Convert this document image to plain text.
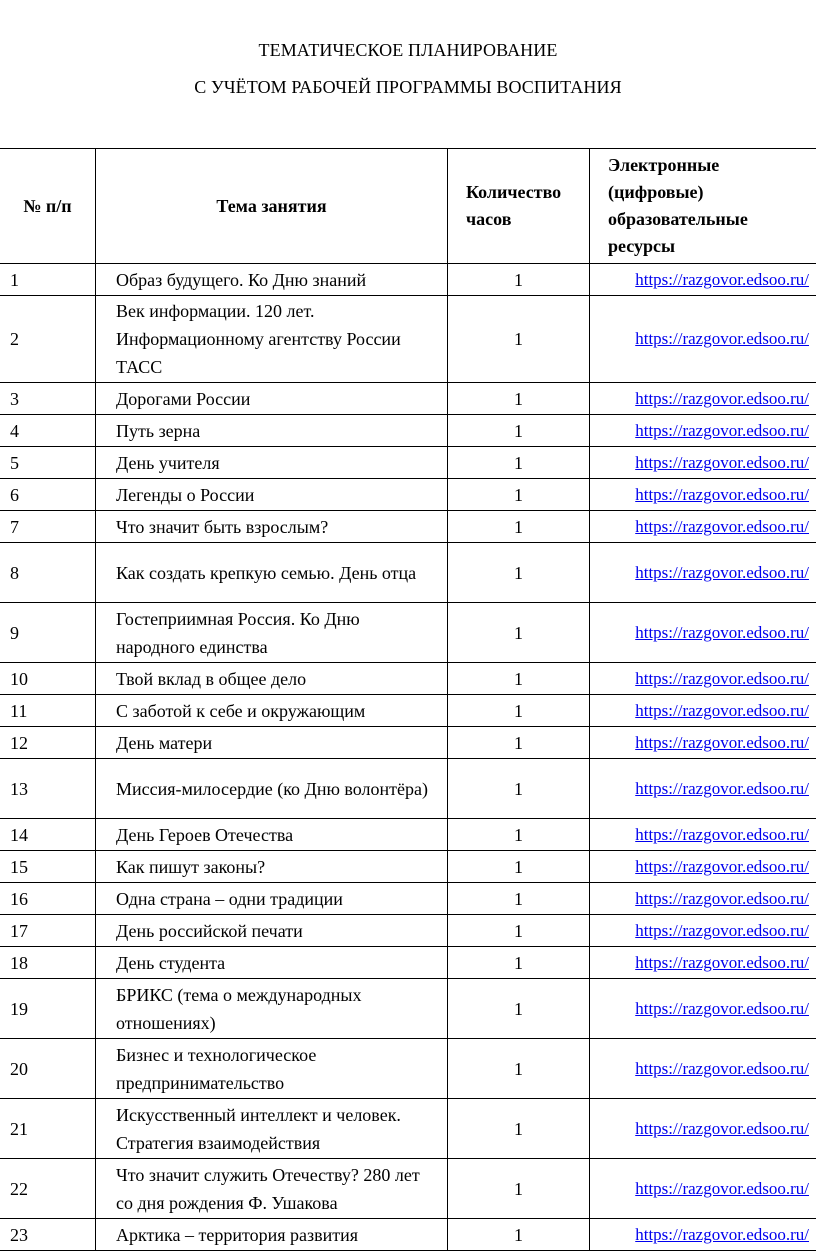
ТЕМАТИЧЕСКОЕ ПЛАНИРОВАНИЕ
С УЧЁТОМ РАБОЧЕЙ ПРОГРАММЫ ВОСПИТАНИЯ
№ п/п	Тема занятия	Количество часов	Электронные (цифровые) образовательные ресурсы
1	Образ будущего. Ко Дню знаний	1	https://razgovor.edsoo.ru/
2	Век информации. 120 лет. Информационному агентству России ТАСС	1	https://razgovor.edsoo.ru/
3	Дорогами России	1	https://razgovor.edsoo.ru/
4	Путь зерна	1	https://razgovor.edsoo.ru/
5	День учителя	1	https://razgovor.edsoo.ru/
6	Легенды о России	1	https://razgovor.edsoo.ru/
7	Что значит быть взрослым?	1	https://razgovor.edsoo.ru/
8	Как создать крепкую семью. День отца	1	https://razgovor.edsoo.ru/
9	Гостеприимная Россия. Ко Дню народного единства	1	https://razgovor.edsoo.ru/
10	Твой вклад в общее дело	1	https://razgovor.edsoo.ru/
11	С заботой к себе и окружающим	1	https://razgovor.edsoo.ru/
12	День матери	1	https://razgovor.edsoo.ru/
13	Миссия-милосердие (ко Дню волонтёра)	1	https://razgovor.edsoo.ru/
14	День Героев Отечества	1	https://razgovor.edsoo.ru/
15	Как пишут законы?	1	https://razgovor.edsoo.ru/
16	Одна страна – одни традиции	1	https://razgovor.edsoo.ru/
17	День российской печати	1	https://razgovor.edsoo.ru/
18	День студента	1	https://razgovor.edsoo.ru/
19	БРИКС (тема о международных отношениях)	1	https://razgovor.edsoo.ru/
20	Бизнес и технологическое предпринимательство	1	https://razgovor.edsoo.ru/
21	Искусственный интеллект и человек. Стратегия взаимодействия	1	https://razgovor.edsoo.ru/
22	Что значит служить Отечеству? 280 лет со дня рождения Ф. Ушакова	1	https://razgovor.edsoo.ru/
23	Арктика – территория развития	1	https://razgovor.edsoo.ru/
